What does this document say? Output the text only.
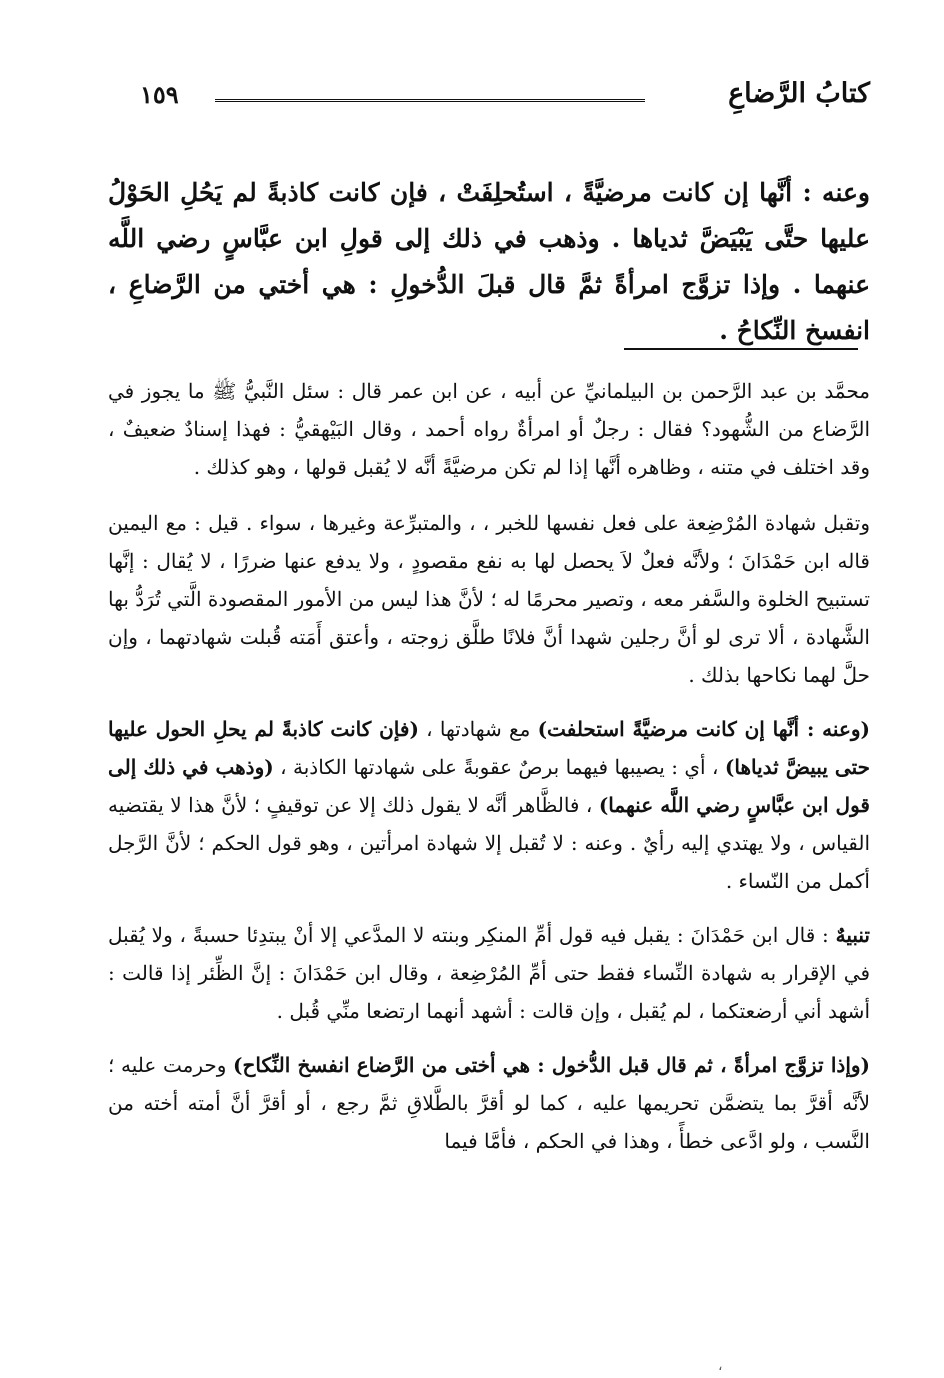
كتابُ الرَّضاعِ
١٥٩
وعنه : أنَّها إن كانت مرضيَّةً ، استُحلِفَتْ ، فإن كانت كاذبةً لم يَحُلِ الحَوْلُ عليها حتَّى يَبْيَضَّ ثدياها . وذهب في ذلك إلى قولِ ابن عبَّاسٍ رضي اللَّه عنهما . وإذا تزوَّج امرأةً ثمَّ قال قبلَ الدُّخولِ : هي أختي من الرَّضاعِ ، انفسخ النِّكاحُ .

محمَّد بن عبد الرَّحمن بن البيلمانيِّ عن أبيه ، عن ابن عمر قال : سئل النَّبيُّ ﷺ ما يجوز في الرَّضاع من الشُّهود؟ فقال : رجلٌ أو امرأةٌ رواه أحمد ، وقال البَيْهقيُّ : فهذا إسنادٌ ضعيفٌ ، وقد اختلف في متنه ، وظاهره أنَّها إذا لم تكن مرضيَّةً أنَّه لا يُقبل قولها ، وهو كذلك .

وتقبل شهادة المُرْضِعة على فعل نفسها للخبر ، ، والمتبرِّعة وغيرها ، سواء . قيل : مع اليمين قاله ابن حَمْدَانَ ؛ ولأنَّه فعلٌ لاَ يحصل لها به نفع مقصودٍ ، ولا يدفع عنها ضررًا ، لا يُقال : إنَّها تستبيح الخلوة والسَّفر معه ، وتصير محرمًا له ؛ لأنَّ هذا ليس من الأمور المقصودة الَّتي تُرَدُّ بها الشَّهادة ، ألا ترى لو أنَّ رجلين شهدا أنَّ فلانًا طلَّق زوجته ، وأعتق أَمَته قُبلت شهادتهما ، وإن حلَّ لهما نكاحها بذلك .

(وعنه : أنَّها إن كانت مرضيَّةً استحلفت) مع شهادتها ، (فإن كانت كاذبةً لم يحلِ الحول عليها حتى يبيضَّ ثدياها) ، أي : يصيبها فيهما برصٌ عقوبةً على شهادتها الكاذبة ، (وذهب في ذلك إلى قول ابن عبَّاسٍ رضي اللَّه عنهما) ، فالظَّاهر أنَّه لا يقول ذلك إلا عن توقيفٍ ؛ لأنَّ هذا لا يقتضيه القياس ، ولا يهتدي إليه رأيٌ . وعنه : لا تُقبل إلا شهادة امرأتين ، وهو قول الحكم ؛ لأنَّ الرَّجل أكمل من النّساء .

تنبيهٌ : قال ابن حَمْدَانَ : يقبل فيه قول أمِّ المنكِر وبنته لا المدَّعي إلا أنْ يبتدِئا حسبةً ، ولا يُقبل في الإقرار به شهادة النِّساء فقط حتى أمِّ المُرْضِعة ، وقال ابن حَمْدَانَ : إنَّ الظِّئر إذا قالت : أشهد أني أرضعتكما ، لم يُقبل ، وإن قالت : أشهد أنهما ارتضعا منِّي قُبل .

(وإذا تزوَّج امرأةً ، ثم قال قبل الدُّخول : هي أختى من الرَّضاع انفسخ النِّكاح) وحرمت عليه ؛ لأنَّه أقرَّ بما يتضمَّن تحريمها عليه ، كما لو أقرَّ بالطَّلاقِ ثمَّ رجع ، أو أقرَّ أنَّ أمته أخته من النَّسب ، ولو ادَّعى خطأً ، وهذا في الحكم ، فأمَّا فيما

،
